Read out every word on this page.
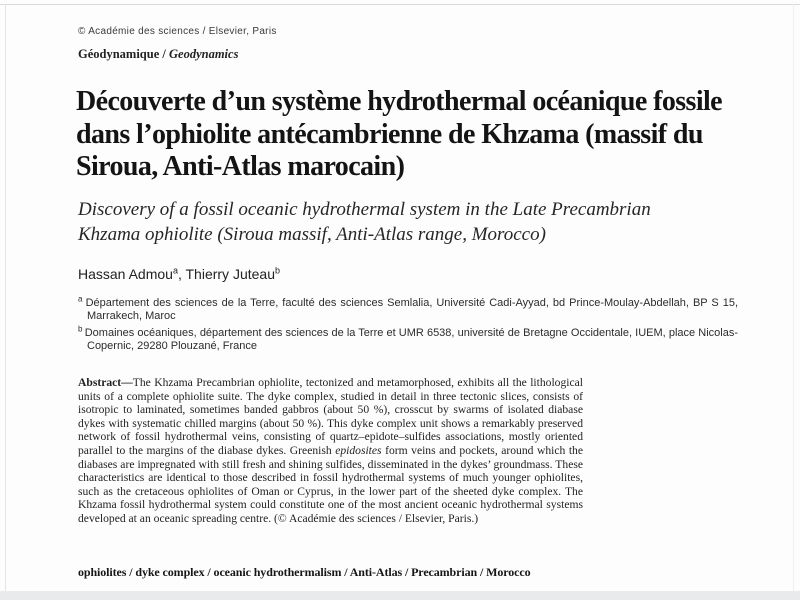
© Académie des sciences / Elsevier, Paris
Géodynamique / Geodynamics
Découverte d’un système hydrothermal océanique fossile dans l’ophiolite antécambrienne de Khzama (massif du Siroua, Anti-Atlas marocain)
Discovery of a fossil oceanic hydrothermal system in the Late Precambrian Khzama ophiolite (Siroua massif, Anti-Atlas range, Morocco)
Hassan Admou$^a$, Thierry Juteau$^b$

$^a$ Département des sciences de la Terre, faculté des sciences Semlalia, Université Cadi-Ayyad, bd Prince-Moulay-Abdellah, BP S 15, Marrakech, Maroc

$^b$ Domaines océaniques, département des sciences de la Terre et UMR 6538, université de Bretagne Occidentale, IUEM, place Nicolas-Copernic, 29280 Plouzané, France

Abstract—The Khzama Precambrian ophiolite, tectonized and metamorphosed, exhibits all the lithological units of a complete ophiolite suite. The dyke complex, studied in detail in three tectonic slices, consists of isotropic to laminated, sometimes banded gabbros (about 50 %), crosscut by swarms of isolated diabase dykes with systematic chilled margins (about 50 %). This dyke complex unit shows a remarkably preserved network of fossil hydrothermal veins, consisting of quartz–epidote–sulfides associations, mostly oriented parallel to the margins of the diabase dykes. Greenish epidosites form veins and pockets, around which the diabases are impregnated with still fresh and shining sulfides, disseminated in the dykes’ groundmass. These characteristics are identical to those described in fossil hydrothermal systems of much younger ophiolites, such as the cretaceous ophiolites of Oman or Cyprus, in the lower part of the sheeted dyke complex. The Khzama fossil hydrothermal system could constitute one of the most ancient oceanic hydrothermal systems developed at an oceanic spreading centre. (© Académie des sciences / Elsevier, Paris.)
ophiolites / dyke complex / oceanic hydrothermalism / Anti-Atlas / Precambrian / Morocco
